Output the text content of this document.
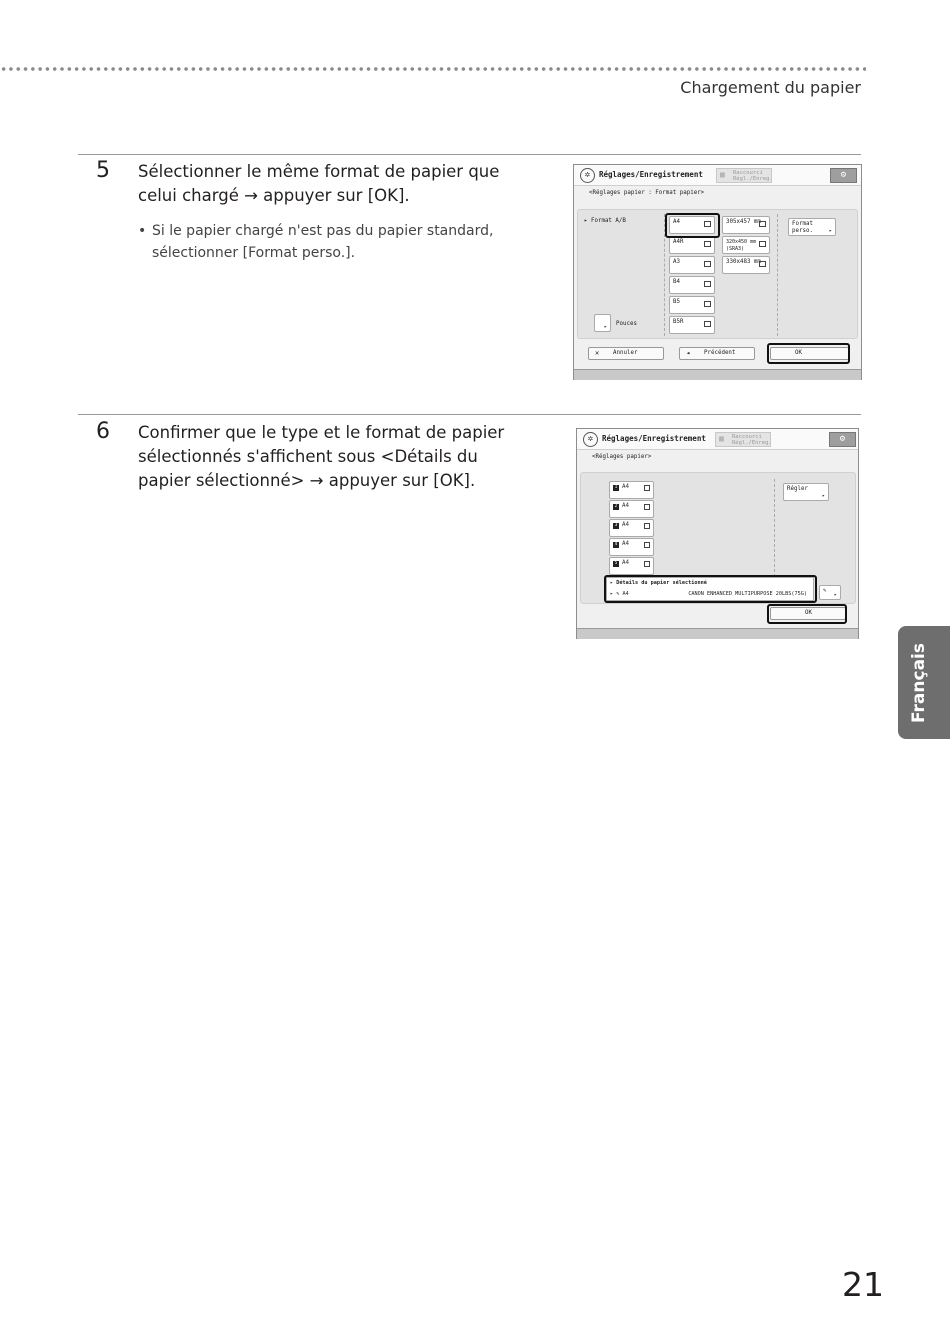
Chargement du papier
5 Sélectionner le même format de papier que celui chargé → appuyer sur [OK].
• Si le papier chargé n'est pas du papier standard, sélectionner [Format perso.].
✲	Réglages/Enregistrement ▦ Raccourci Régl./Enreg.	⚙
<Réglages papier : Format papier>
▸ Format A/B	A4
A4R
A3
B4
B5
B5R
305x457 mm
320x450 mm (SRA3)
330x483 mm
Format perso.	▸
▸ Pouces
✕ Annuler	◂ Précédent	OK
6 Confirmer que le type et le format de papier sélectionnés s'affichent sous <Détails du papier sélectionné> → appuyer sur [OK].
✲	Réglages/Enregistrement ▦ Raccourci Régl./Enreg.	⚙
<Réglages papier>
1 A4
2 A4
3 A4
4 A4
5 A4
Régler
▸
▸ Détails du papier sélectionné
▸ ✎ A4	CANON ENHANCED MULTIPURPOSE 20LBS(75G)	✎
▸
OK
Français
21
